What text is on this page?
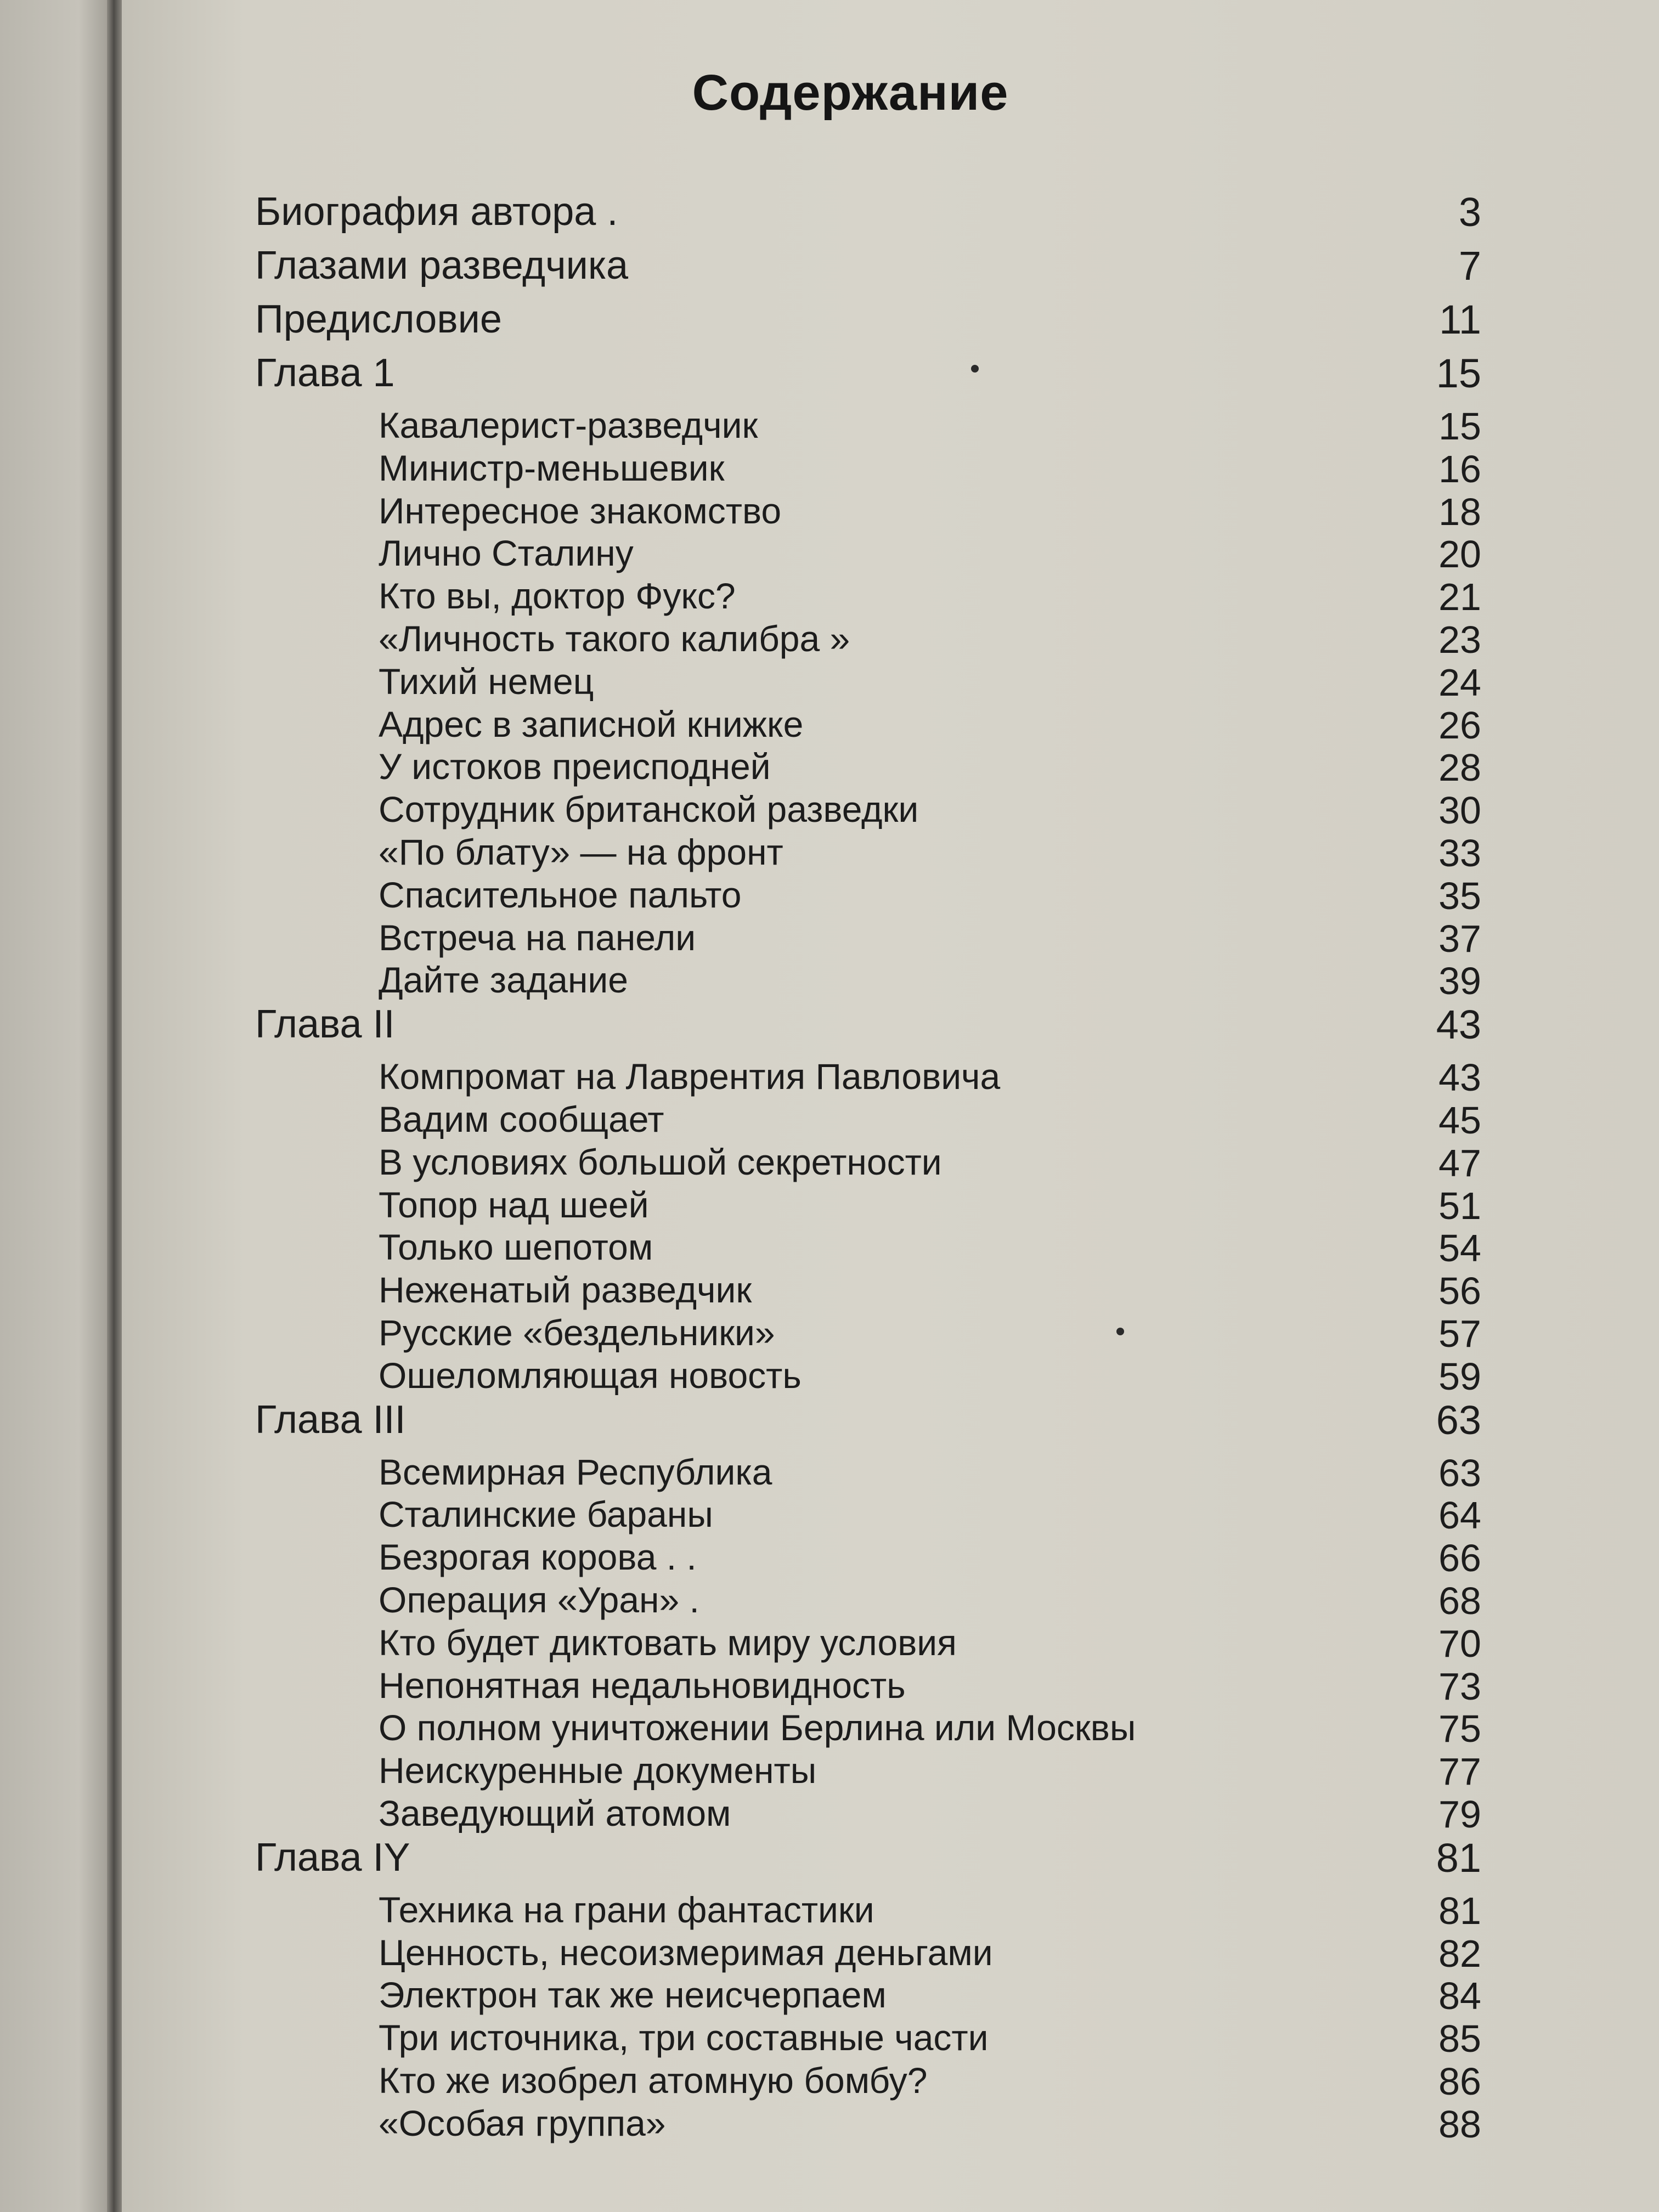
Содержание
Биография автора .	3
Глазами разведчика	7
Предисловие	11
Глава 1	15
Кавалерист-разведчик	15
Министр-меньшевик	16
Интересное знакомство	18
Лично Сталину	20
Кто вы, доктор Фукс?	21
«Личность такого калибра »	23
Тихий немец	24
Адрес в записной книжке	26
У истоков преисподней	28
Сотрудник британской разведки	30
«По блату» — на фронт	33
Спасительное пальто	35
Встреча на панели	37
Дайте задание	39
Глава II	43
Компромат на Лаврентия Павловича	43
Вадим сообщает	45
В условиях большой секретности	47
Топор над шеей	51
Только шепотом	54
Неженатый разведчик	56
Русские «бездельники»	57
Ошеломляющая новость	59
Глава III	63
Всемирная Республика	63
Сталинские бараны	64
Безрогая корова . .	66
Операция «Уран» .	68
Кто будет диктовать миру условия	70
Непонятная недальновидность	73
О полном уничтожении Берлина или Москвы	75
Неискуренные документы	77
Заведующий атомом	79
Глава IY	81
Техника на грани фантастики	81
Ценность, несоизмеримая деньгами	82
Электрон так же неисчерпаем	84
Три источника, три составные части	85
Кто же изобрел атомную бомбу?	86
«Особая группа»	88
